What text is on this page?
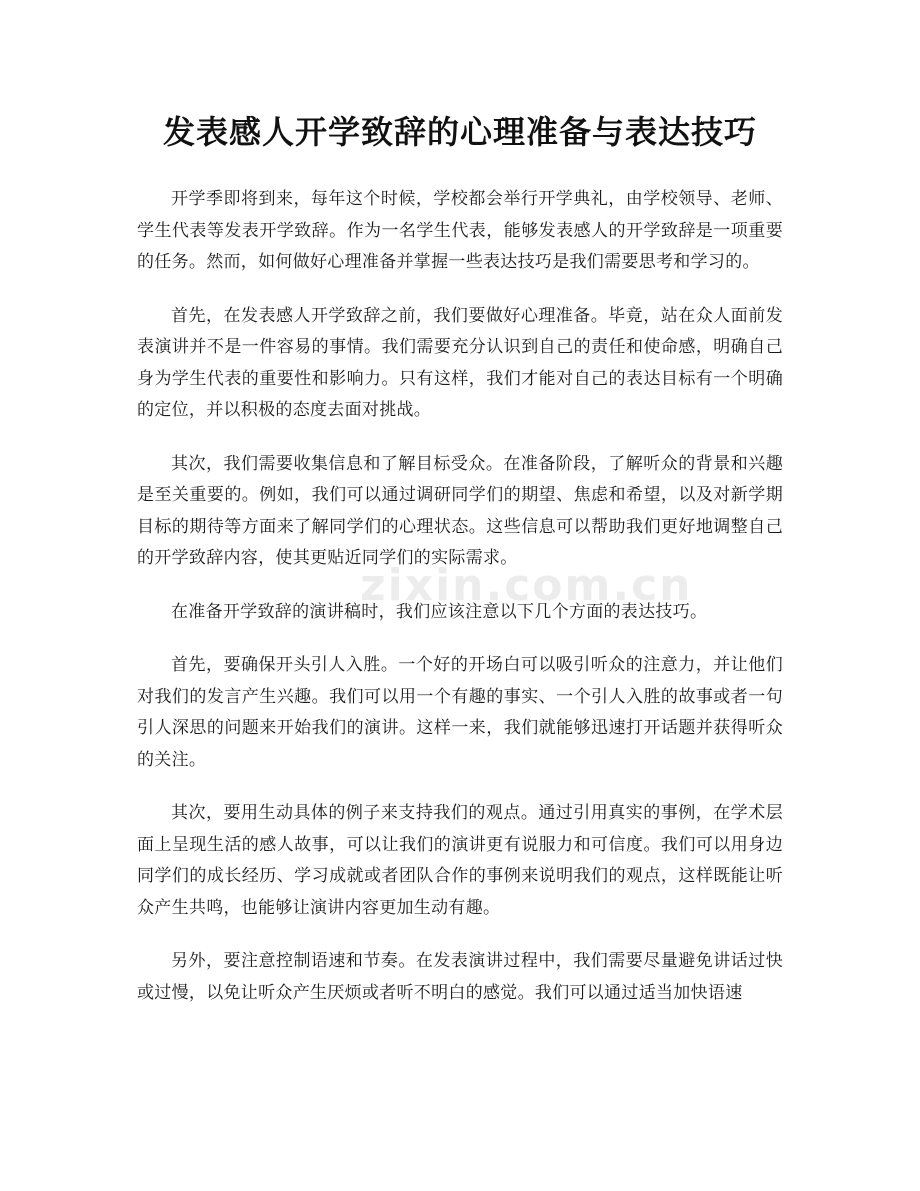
发表感人开学致辞的心理准备与表达技巧
zixin.com.cn

开学季即将到来，每年这个时候，学校都会举行开学典礼，由学校领导、老师、学生代表等发表开学致辞。作为一名学生代表，能够发表感人的开学致辞是一项重要的任务。然而，如何做好心理准备并掌握一些表达技巧是我们需要思考和学习的。

首先，在发表感人开学致辞之前，我们要做好心理准备。毕竟，站在众人面前发表演讲并不是一件容易的事情。我们需要充分认识到自己的责任和使命感，明确自己身为学生代表的重要性和影响力。只有这样，我们才能对自己的表达目标有一个明确的定位，并以积极的态度去面对挑战。

其次，我们需要收集信息和了解目标受众。在准备阶段，了解听众的背景和兴趣是至关重要的。例如，我们可以通过调研同学们的期望、焦虑和希望，以及对新学期目标的期待等方面来了解同学们的心理状态。这些信息可以帮助我们更好地调整自己的开学致辞内容，使其更贴近同学们的实际需求。

在准备开学致辞的演讲稿时，我们应该注意以下几个方面的表达技巧。

首先，要确保开头引人入胜。一个好的开场白可以吸引听众的注意力，并让他们对我们的发言产生兴趣。我们可以用一个有趣的事实、一个引人入胜的故事或者一句引人深思的问题来开始我们的演讲。这样一来，我们就能够迅速打开话题并获得听众的关注。

其次，要用生动具体的例子来支持我们的观点。通过引用真实的事例，在学术层面上呈现生活的感人故事，可以让我们的演讲更有说服力和可信度。我们可以用身边同学们的成长经历、学习成就或者团队合作的事例来说明我们的观点，这样既能让听众产生共鸣，也能够让演讲内容更加生动有趣。

另外，要注意控制语速和节奏。在发表演讲过程中，我们需要尽量避免讲话过快或过慢，以免让听众产生厌烦或者听不明白的感觉。我们可以通过适当加快语速
